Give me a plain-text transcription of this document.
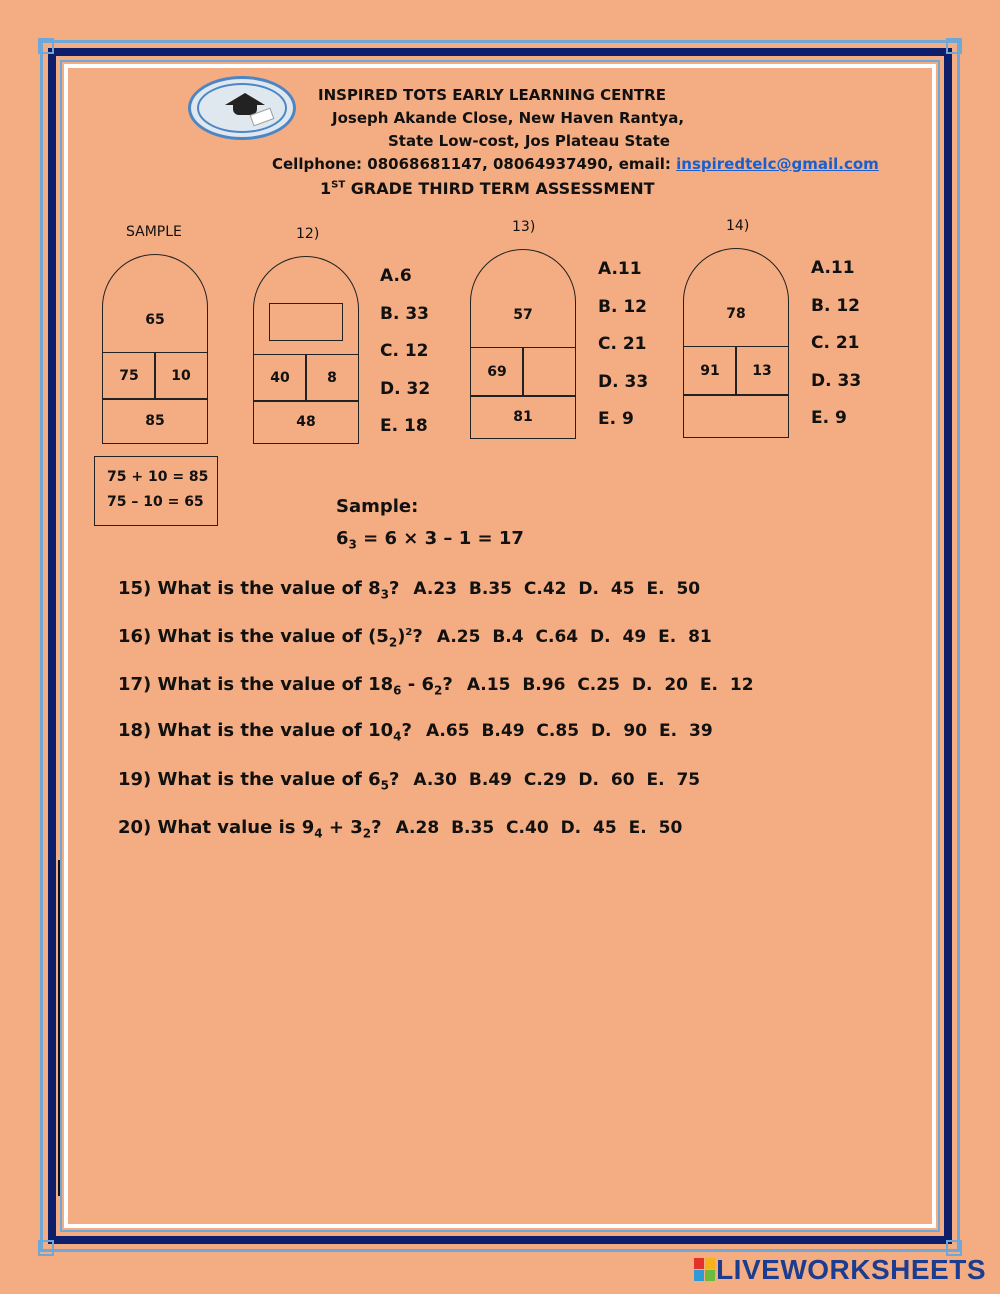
INSPIRED TOTS EARLY LEARNING CENTRE
Joseph Akande Close, New Haven Rantya,
State Low-cost, Jos Plateau State
Cellphone: 08068681147, 08064937490, email: inspiredtelc@gmail.com
1ST GRADE THIRD TERM ASSESSMENT
SAMPLE
65
75	10
85
75 + 10 = 85
75 – 10 = 65
12)
40	8
48
A.6
B. 33
C. 12
D. 32
E. 18
13)
57
69
81
A.11
B. 12
C. 21
D. 33
E. 9
14)
78
91	13
A.11
B. 12
C. 21
D. 33
E. 9
Sample:
$6_3 = 6 \times 3 - 1 = 17$
15) What is the value of $8_3$? A.23 B.35 C.42 D. 45 E. 50
16) What is the value of $(5_2)^2$? A.25 B.4 C.64 D. 49 E. 81
17) What is the value of $18_6 - 6_2$? A.15 B.96 C.25 D. 20 E. 12
18) What is the value of $10_4$? A.65 B.49 C.85 D. 90 E. 39
19) What is the value of $6_5$? A.30 B.49 C.29 D. 60 E. 75
20) What value is $9_4 + 3_2$? A.28 B.35 C.40 D. 45 E. 50
LIVEWORKSHEETS
